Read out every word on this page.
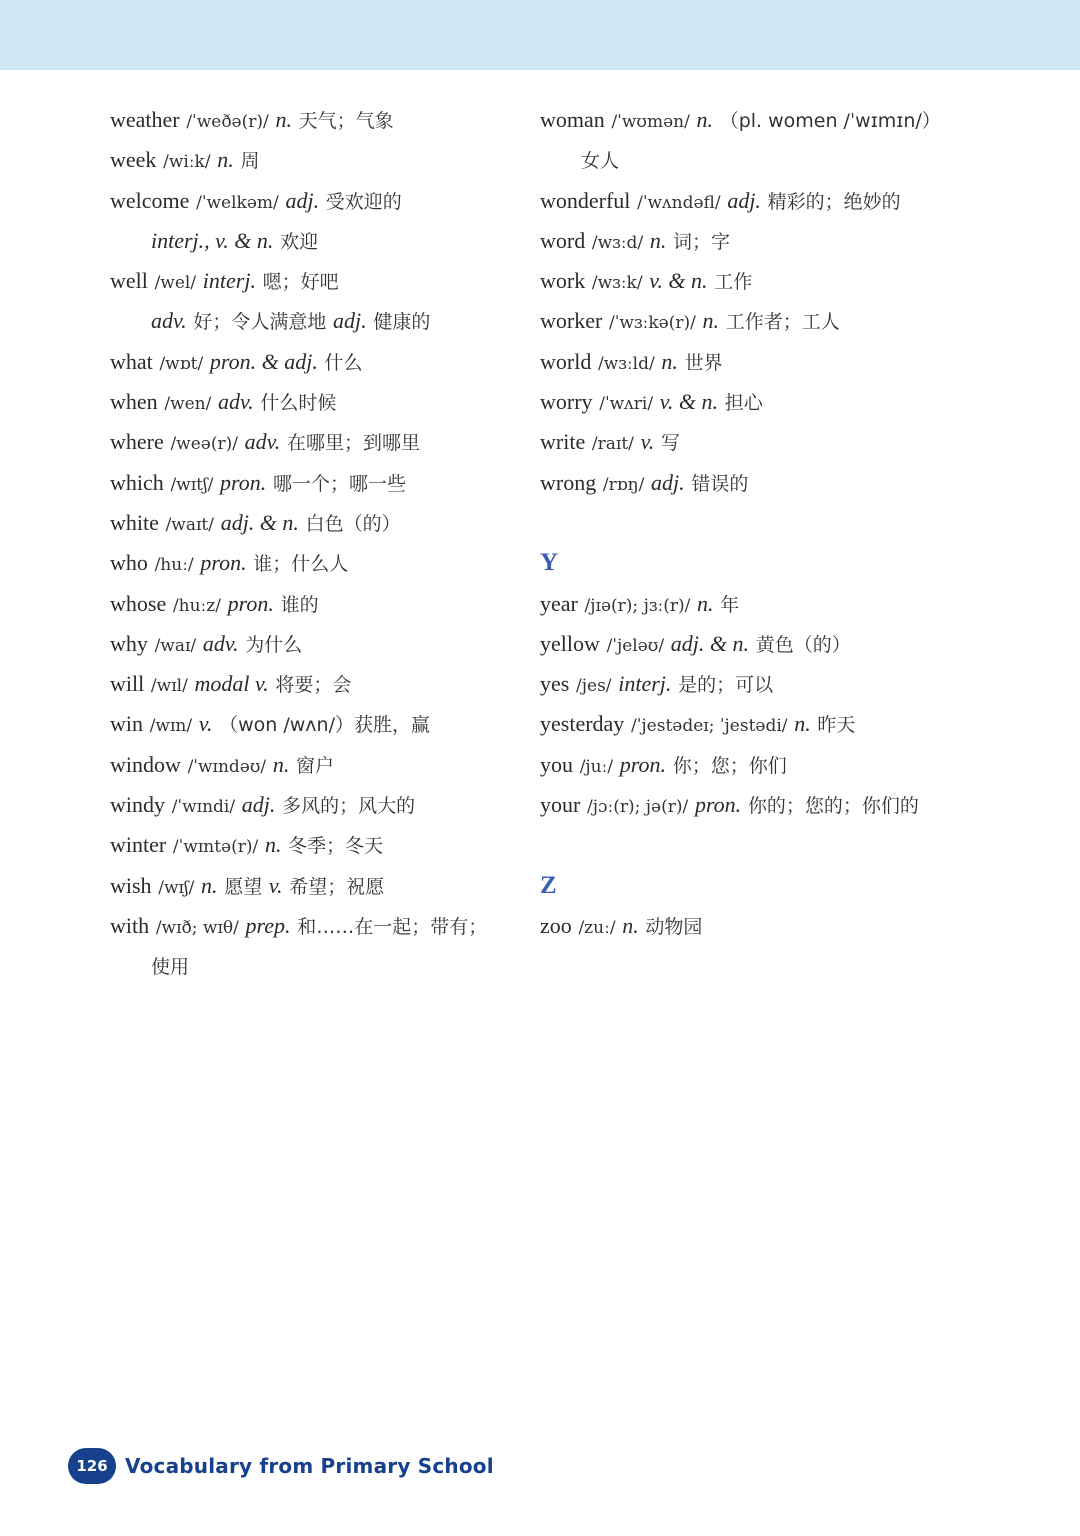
weather /ˈweðə(r)/ n. 天气；气象
week /wiːk/ n. 周
welcome /ˈwelkəm/ adj. 受欢迎的
interj., v. & n. 欢迎
well /wel/ interj. 嗯；好吧
adv. 好；令人满意地 adj. 健康的
what /wɒt/ pron. & adj. 什么
when /wen/ adv. 什么时候
where /weə(r)/ adv. 在哪里；到哪里
which /wɪtʃ/ pron. 哪一个；哪一些
white /waɪt/ adj. & n. 白色（的）
who /huː/ pron. 谁；什么人
whose /huːz/ pron. 谁的
why /waɪ/ adv. 为什么
will /wɪl/ modal v. 将要；会
win /wɪn/ v. （won /wʌn/）获胜，赢
window /ˈwɪndəʊ/ n. 窗户
windy /ˈwɪndi/ adj. 多风的；风大的
winter /ˈwɪntə(r)/ n. 冬季；冬天
wish /wɪʃ/ n. 愿望 v. 希望；祝愿
with /wɪð; wɪθ/ prep. 和……在一起；带有；
使用
woman /ˈwʊmən/ n. （pl. women /ˈwɪmɪn/）
女人
wonderful /ˈwʌndəfl/ adj. 精彩的；绝妙的
word /wɜːd/ n. 词；字
work /wɜːk/ v. & n. 工作
worker /ˈwɜːkə(r)/ n. 工作者；工人
world /wɜːld/ n. 世界
worry /ˈwʌri/ v. & n. 担心
write /raɪt/ v. 写
wrong /rɒŋ/ adj. 错误的
Y
year /jɪə(r); jɜː(r)/ n. 年
yellow /ˈjeləʊ/ adj. & n. 黄色（的）
yes /jes/ interj. 是的；可以
yesterday /ˈjestədeɪ; ˈjestədi/ n. 昨天
you /juː/ pron. 你；您；你们
your /jɔː(r); jə(r)/ pron. 你的；您的；你们的
Z
zoo /zuː/ n. 动物园
126 Vocabulary from Primary School
